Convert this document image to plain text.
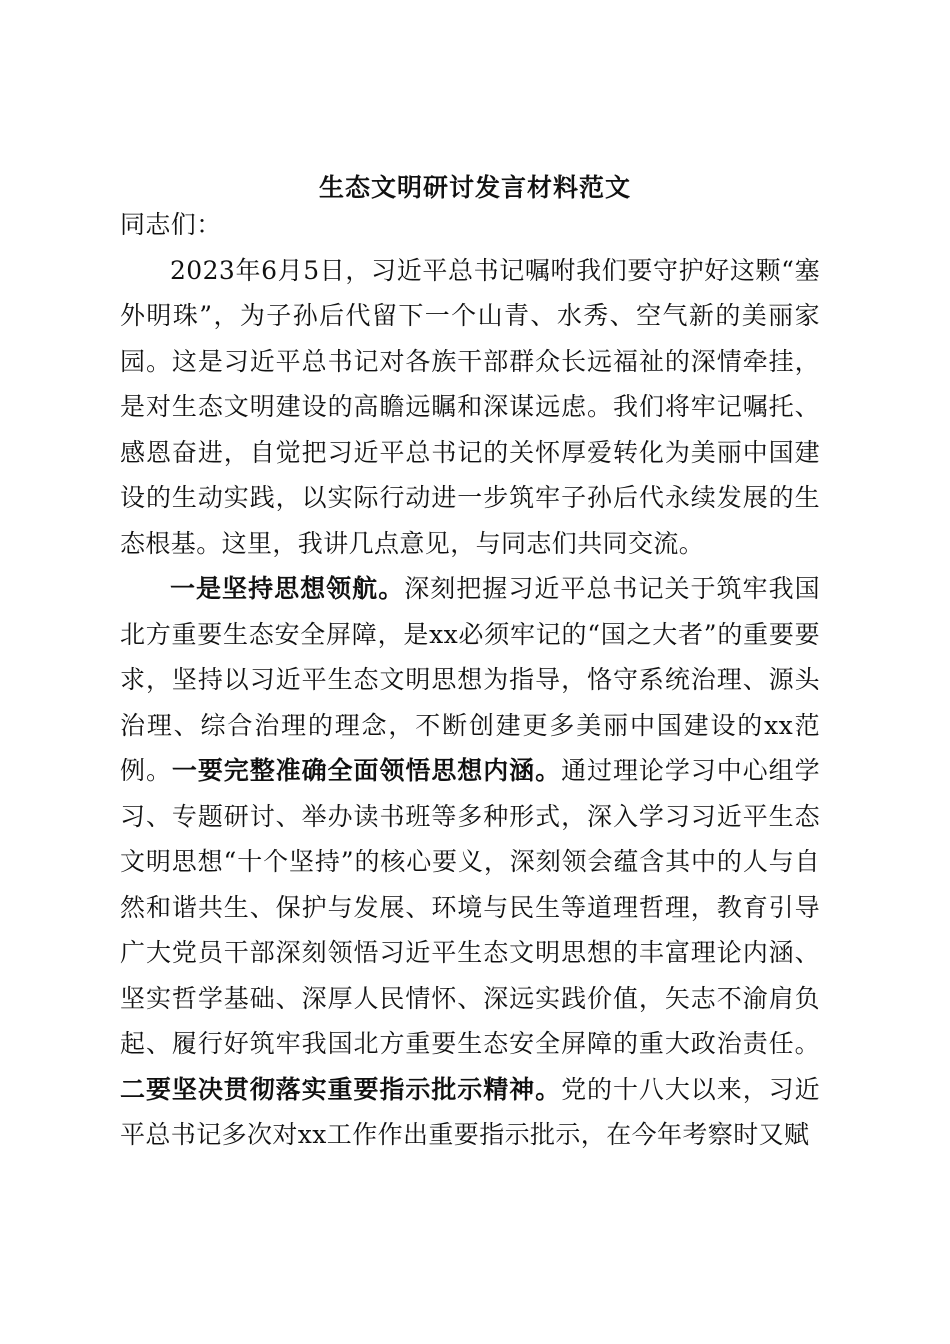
生态文明研讨发言材料范文

同志们：

2023年6月5日，习近平总书记嘱咐我们要守护好这颗“塞外明珠”，为子孙后代留下一个山青、水秀、空气新的美丽家园。这是习近平总书记对各族干部群众长远福祉的深情牵挂，是对生态文明建设的高瞻远瞩和深谋远虑。我们将牢记嘱托、感恩奋进，自觉把习近平总书记的关怀厚爱转化为美丽中国建设的生动实践，以实际行动进一步筑牢子孙后代永续发展的生态根基。这里，我讲几点意见，与同志们共同交流。

一是坚持思想领航。深刻把握习近平总书记关于筑牢我国北方重要生态安全屏障，是xx必须牢记的“国之大者”的重要要求，坚持以习近平生态文明思想为指导，恪守系统治理、源头治理、综合治理的理念，不断创建更多美丽中国建设的xx范例。一要完整准确全面领悟思想内涵。通过理论学习中心组学习、专题研讨、举办读书班等多种形式，深入学习习近平生态文明思想“十个坚持”的核心要义，深刻领会蕴含其中的人与自然和谐共生、保护与发展、环境与民生等道理哲理，教育引导广大党员干部深刻领悟习近平生态文明思想的丰富理论内涵、坚实哲学基础、深厚人民情怀、深远实践价值，矢志不渝肩负起、履行好筑牢我国北方重要生态安全屏障的重大政治责任。二要坚决贯彻落实重要指示批示精神。党的十八大以来，习近平总书记多次对xx工作作出重要指示批示，在今年考察时又赋
